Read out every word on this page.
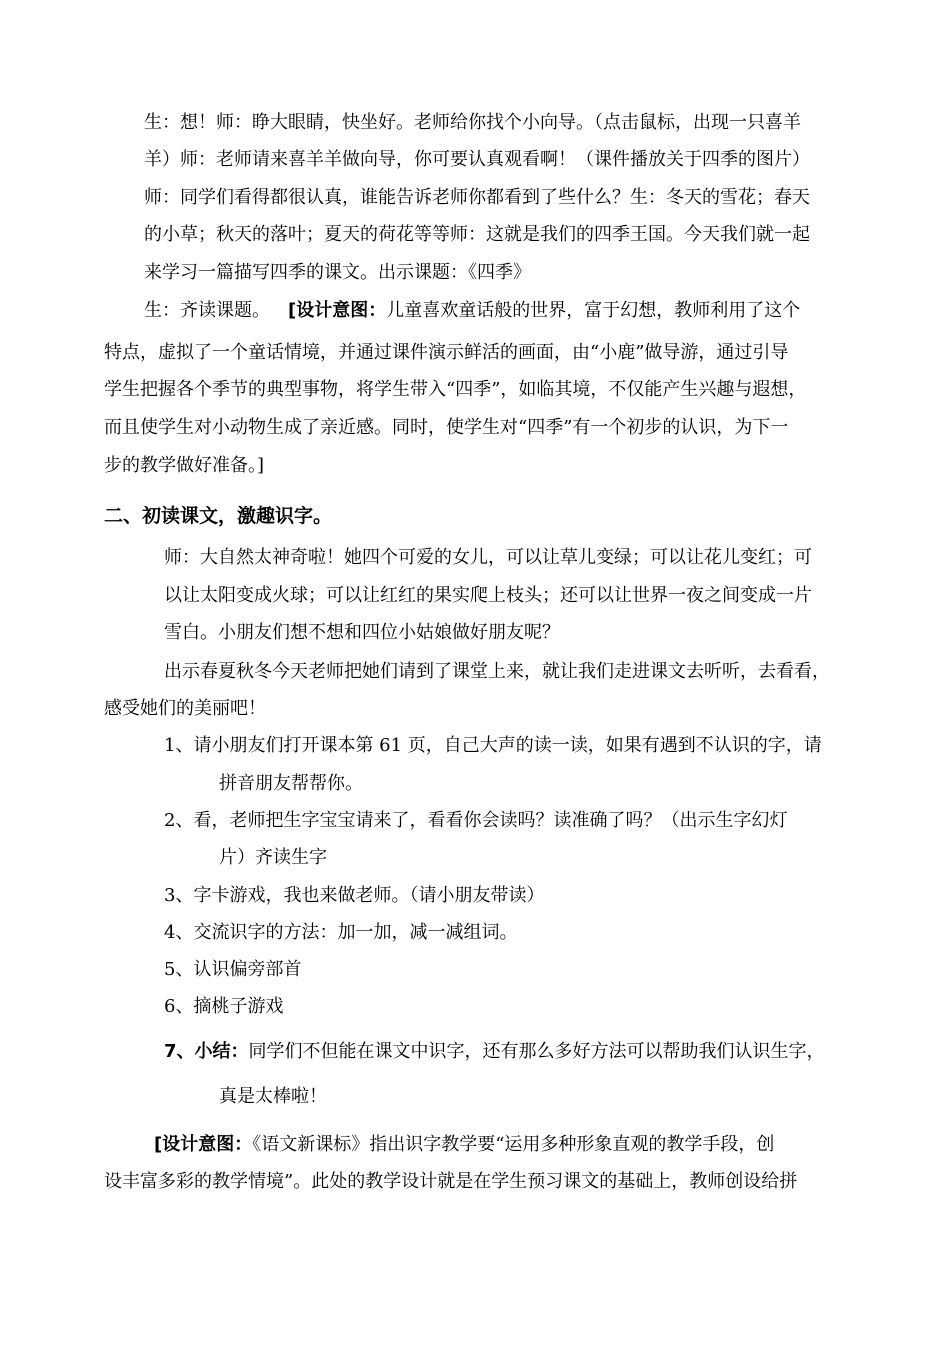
生：想！师：睁大眼睛，快坐好。老师给你找个小向导。（点击鼠标，出现一只喜羊
羊）师：老师请来喜羊羊做向导，你可要认真观看啊！（课件播放关于四季的图片）
师：同学们看得都很认真，谁能告诉老师你都看到了些什么？生：冬天的雪花；春天
的小草；秋天的落叶；夏天的荷花等等师：这就是我们的四季王国。今天我们就一起
来学习一篇描写四季的课文。出示课题：《四季》
生：齐读课题。 [设计意图：儿童喜欢童话般的世界，富于幻想，教师利用了这个
特点，虚拟了一个童话情境，并通过课件演示鲜活的画面，由“小鹿”做导游，通过引导
学生把握各个季节的典型事物，将学生带入“四季”，如临其境，不仅能产生兴趣与遐想，
而且使学生对小动物生成了亲近感。同时，使学生对“四季”有一个初步的认识，为下一
步的教学做好准备。]
二、初读课文，激趣识字。
师：大自然太神奇啦！她四个可爱的女儿，可以让草儿变绿；可以让花儿变红；可
以让太阳变成火球；可以让红红的果实爬上枝头；还可以让世界一夜之间变成一片
雪白。小朋友们想不想和四位小姑娘做好朋友呢？
出示春夏秋冬今天老师把她们请到了课堂上来，就让我们走进课文去听听，去看看，
感受她们的美丽吧！
1、请小朋友们打开课本第 61 页，自己大声的读一读，如果有遇到不认识的字，请
拼音朋友帮帮你。
2、看，老师把生字宝宝请来了，看看你会读吗？读准确了吗？（出示生字幻灯
片）齐读生字
3、字卡游戏，我也来做老师。（请小朋友带读）
4、交流识字的方法：加一加，减一减组词。
5、认识偏旁部首
6、摘桃子游戏
7、小结：同学们不但能在课文中识字，还有那么多好方法可以帮助我们认识生字，
真是太棒啦！
[设计意图：《语文新课标》指出识字教学要“运用多种形象直观的教学手段，创
设丰富多彩的教学情境”。此处的教学设计就是在学生预习课文的基础上，教师创设给拼
